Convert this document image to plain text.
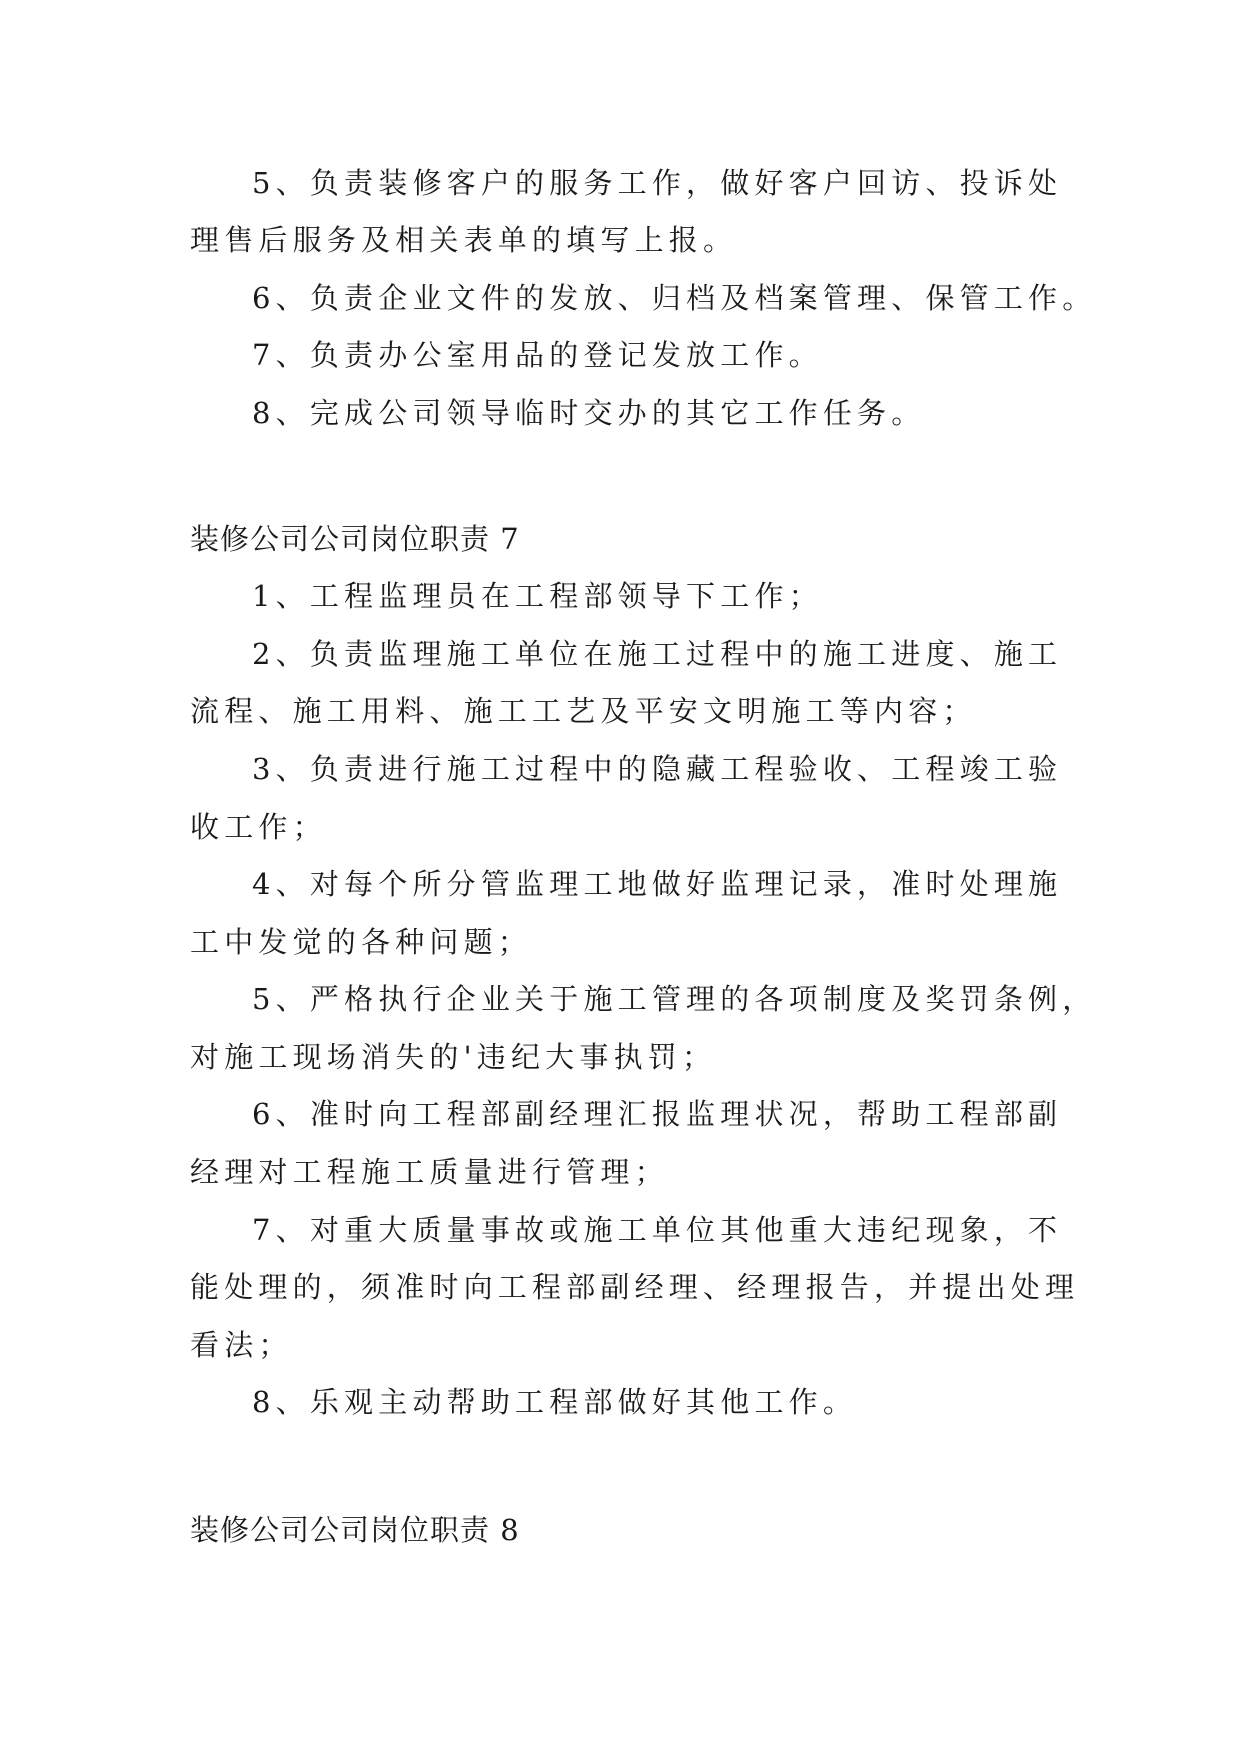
5、负责装修客户的服务工作，做好客户回访、投诉处
理售后服务及相关表单的填写上报。
6、负责企业文件的发放、归档及档案管理、保管工作。
7、负责办公室用品的登记发放工作。
8、完成公司领导临时交办的其它工作任务。
装修公司公司岗位职责 7
1、工程监理员在工程部领导下工作；
2、负责监理施工单位在施工过程中的施工进度、施工
流程、施工用料、施工工艺及平安文明施工等内容；
3、负责进行施工过程中的隐藏工程验收、工程竣工验
收工作；
4、对每个所分管监理工地做好监理记录，准时处理施
工中发觉的各种问题；
5、严格执行企业关于施工管理的各项制度及奖罚条例，
对施工现场消失的'违纪大事执罚；
6、准时向工程部副经理汇报监理状况，帮助工程部副
经理对工程施工质量进行管理；
7、对重大质量事故或施工单位其他重大违纪现象，不
能处理的，须准时向工程部副经理、经理报告，并提出处理
看法；
8、乐观主动帮助工程部做好其他工作。
装修公司公司岗位职责 8
